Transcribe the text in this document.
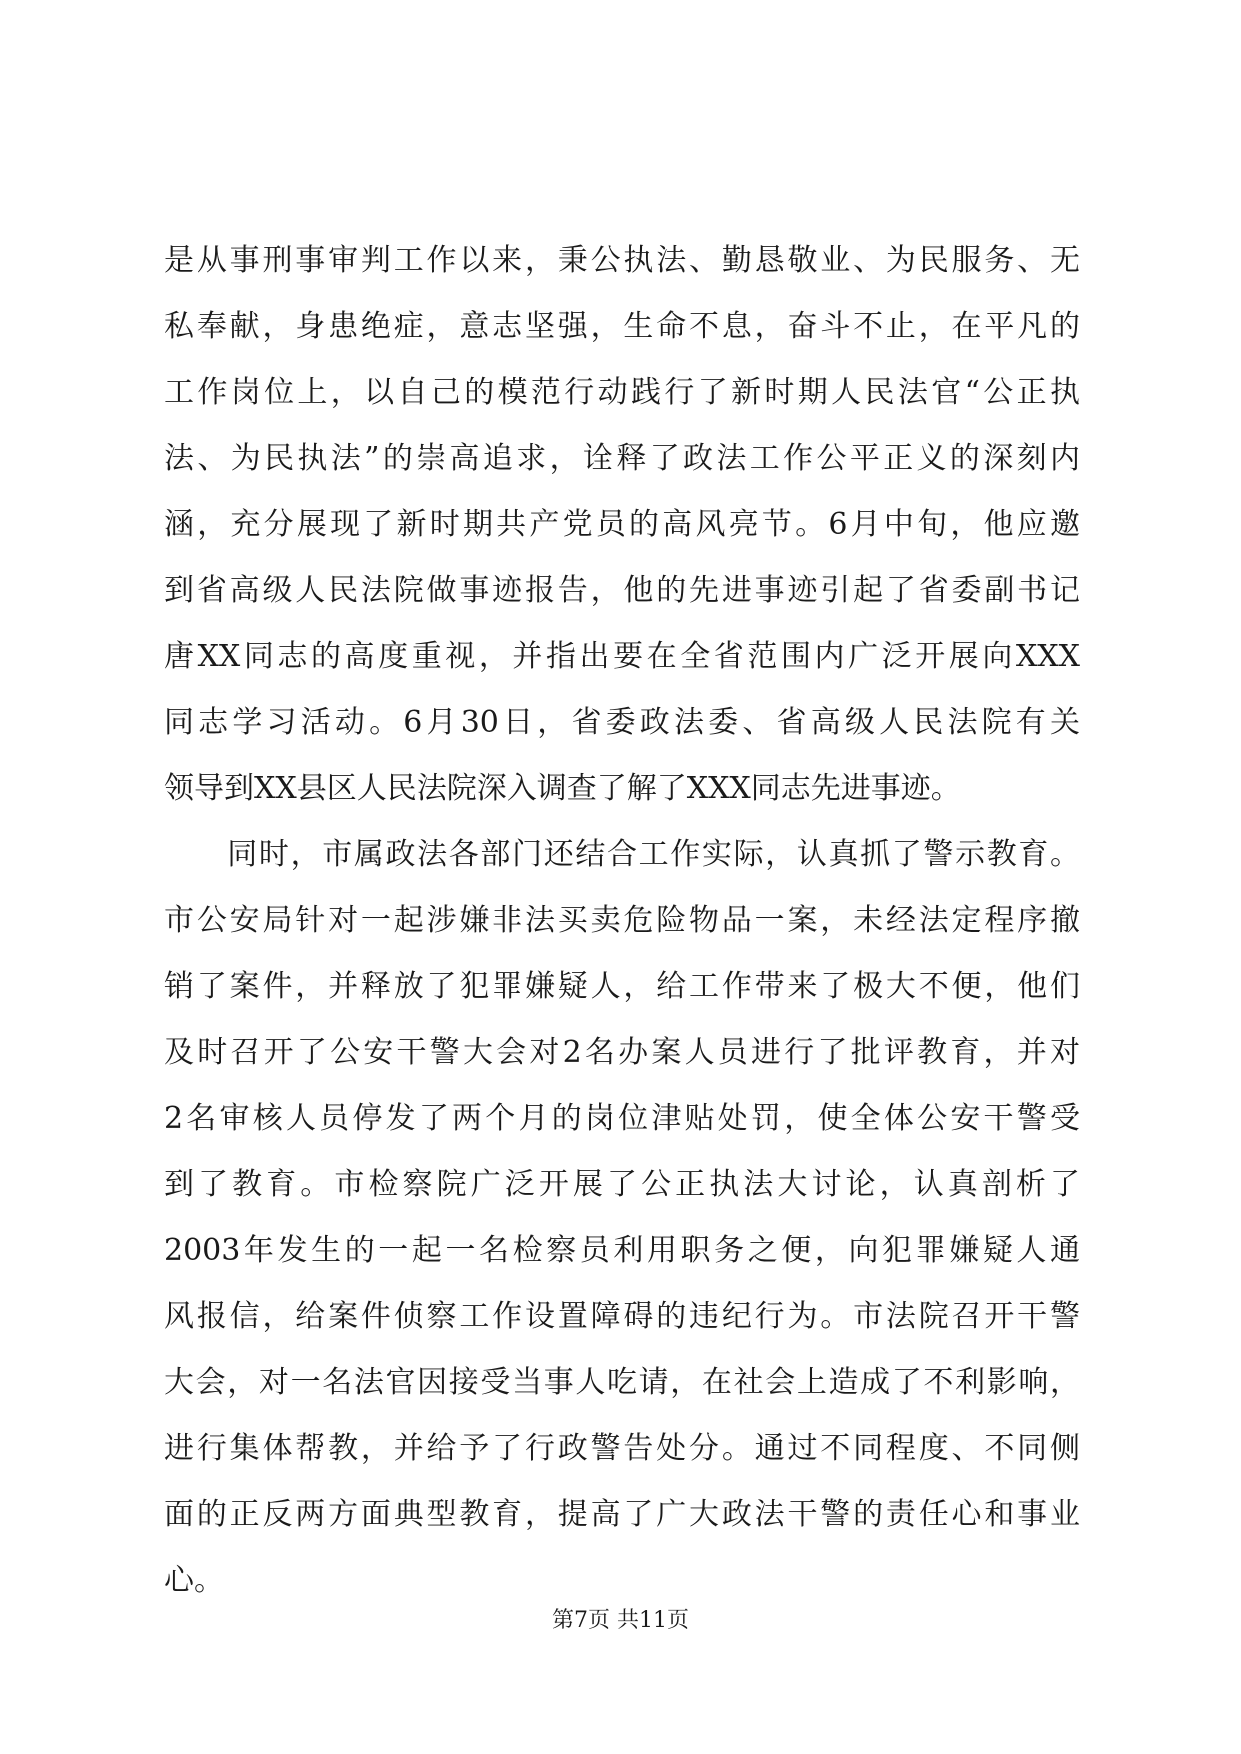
是从事刑事审判工作以来，秉公执法、勤恳敬业、为民服务、无
私奉献，身患绝症，意志坚强，生命不息，奋斗不止，在平凡的
工作岗位上，以自己的模范行动践行了新时期人民法官“公正执
法、为民执法”的崇高追求，诠释了政法工作公平正义的深刻内
涵，充分展现了新时期共产党员的高风亮节。6月中旬，他应邀
到省高级人民法院做事迹报告，他的先进事迹引起了省委副书记
唐XX同志的高度重视，并指出要在全省范围内广泛开展向XXX
同志学习活动。6月30日，省委政法委、省高级人民法院有关
领导到XX县区人民法院深入调查了解了XXX同志先进事迹。
　　同时，市属政法各部门还结合工作实际，认真抓了警示教育。
市公安局针对一起涉嫌非法买卖危险物品一案，未经法定程序撤
销了案件，并释放了犯罪嫌疑人，给工作带来了极大不便，他们
及时召开了公安干警大会对2名办案人员进行了批评教育，并对
2名审核人员停发了两个月的岗位津贴处罚，使全体公安干警受
到了教育。市检察院广泛开展了公正执法大讨论，认真剖析了
2003年发生的一起一名检察员利用职务之便，向犯罪嫌疑人通
风报信，给案件侦察工作设置障碍的违纪行为。市法院召开干警
大会，对一名法官因接受当事人吃请，在社会上造成了不利影响，
进行集体帮教，并给予了行政警告处分。通过不同程度、不同侧
面的正反两方面典型教育，提高了广大政法干警的责任心和事业
心。
第7页 共11页
